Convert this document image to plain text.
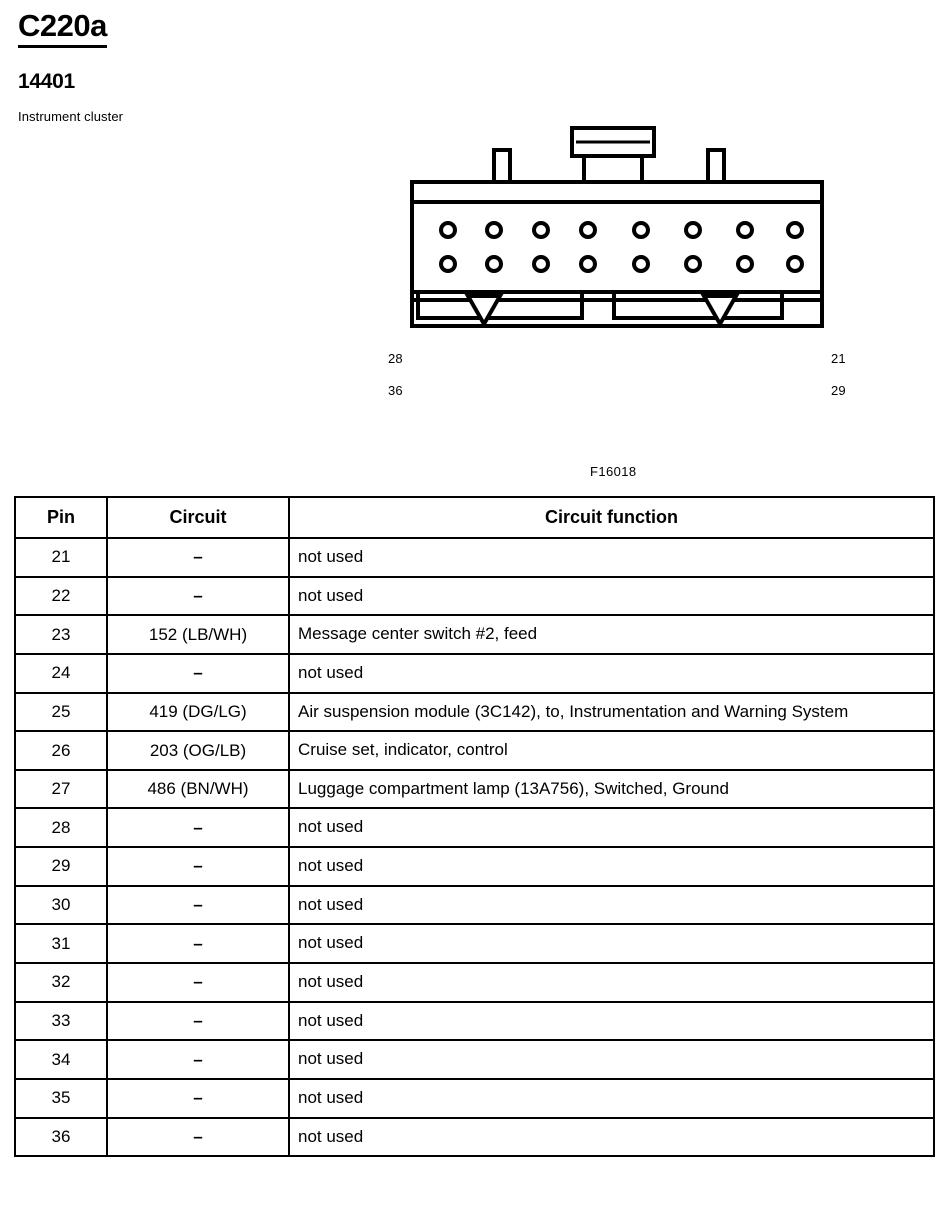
C220a
14401
Instrument cluster
28
36
21
29
F16018
Pin	Circuit	Circuit function
21	–	not used
22	–	not used
23	152 (LB/WH)	Message center switch #2, feed
24	–	not used
25	419 (DG/LG)	Air suspension module (3C142), to, Instrumentation and Warning System
26	203 (OG/LB)	Cruise set, indicator, control
27	486 (BN/WH)	Luggage compartment lamp (13A756), Switched, Ground
28	–	not used
29	–	not used
30	–	not used
31	–	not used
32	–	not used
33	–	not used
34	–	not used
35	–	not used
36	–	not used
